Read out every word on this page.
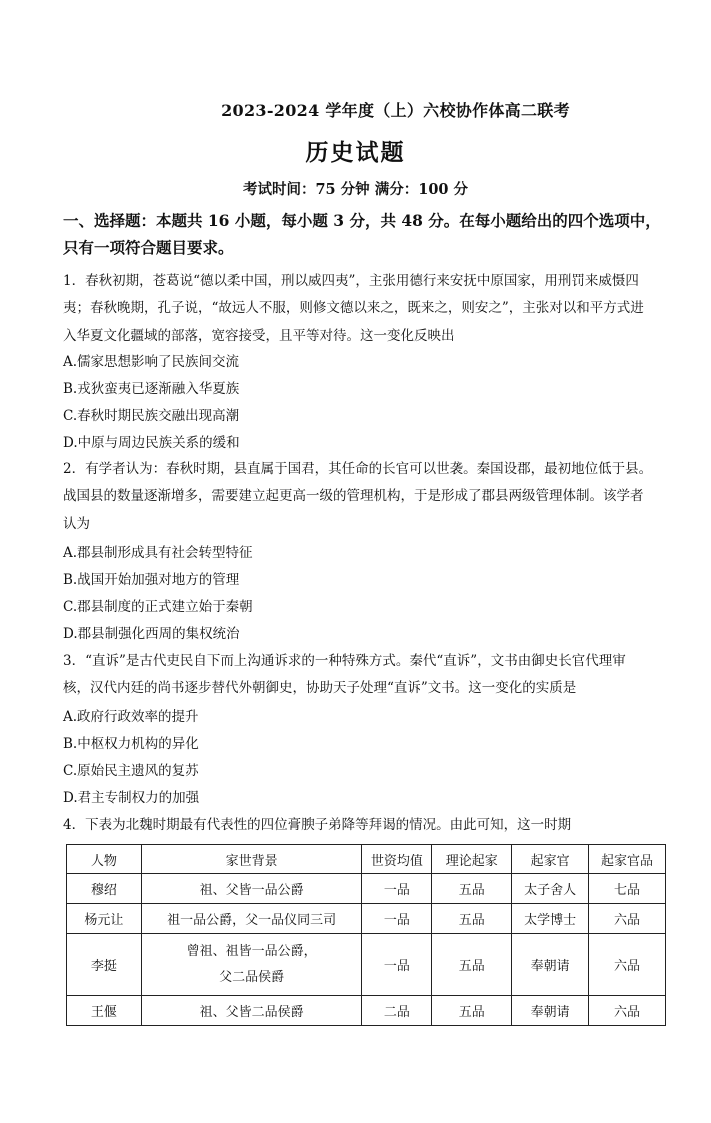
2023-2024 学年度（上）六校协作体高二联考
历史试题
考试时间：75 分钟 满分：100 分
一、选择题：本题共 16 小题，每小题 3 分，共 48 分。在每小题给出的四个选项中，
只有一项符合题目要求。
1．春秋初期，苍葛说“德以柔中国，刑以威四夷”，主张用德行来安抚中原国家，用刑罚来威慑四
夷；春秋晚期，孔子说，“故远人不服，则修文德以来之，既来之，则安之”，主张对以和平方式进
入华夏文化疆域的部落，宽容接受，且平等对待。这一变化反映出
A.儒家思想影响了民族间交流
B.戎狄蛮夷已逐渐融入华夏族
C.春秋时期民族交融出现高潮
D.中原与周边民族关系的缓和
2．有学者认为：春秋时期，县直属于国君，其任命的长官可以世袭。秦国设郡，最初地位低于县。
战国县的数量逐渐增多，需要建立起更高一级的管理机构，于是形成了郡县两级管理体制。该学者
认为
A.郡县制形成具有社会转型特征
B.战国开始加强对地方的管理
C.郡县制度的正式建立始于秦朝
D.郡县制强化西周的集权统治
3．“直诉”是古代吏民自下而上沟通诉求的一种特殊方式。秦代“直诉”，文书由御史长官代理审
核，汉代内廷的尚书逐步替代外朝御史，协助天子处理“直诉”文书。这一变化的实质是
A.政府行政效率的提升
B.中枢权力机构的异化
C.原始民主遗风的复苏
D.君主专制权力的加强
4．下表为北魏时期最有代表性的四位膏腴子弟降等拜谒的情况。由此可知，这一时期
人物	家世背景	世资均值	理论起家	起家官	起家官品
穆绍	祖、父皆一品公爵	一品	五品	太子舍人	七品
杨元让	祖一品公爵，父一品仪同三司	一品	五品	太学博士	六品
李挺	曾祖、祖皆一品公爵，
父二品侯爵	一品	五品	奉朝请	六品
王偃	祖、父皆二品侯爵	二品	五品	奉朝请	六品
